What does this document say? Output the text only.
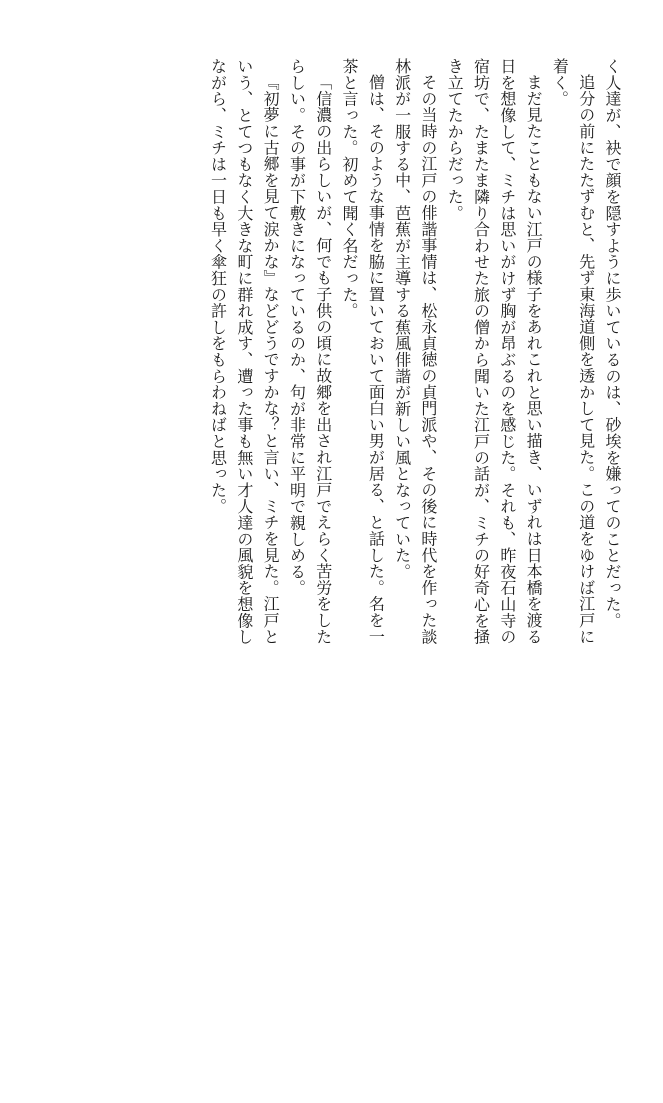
く人達が、袂で顔を隠すように歩いているのは、砂埃を嫌ってのことだった。

追分の前にたたずむと、先ず東海道側を透かして見た。この道をゆけば江戸に着く。

まだ見たこともない江戸の様子をあれこれと思い描き、いずれは日本橋を渡る日を想像して、ミチは思いがけず胸が昂ぶるのを感じた。それも、昨夜石山寺の宿坊で、たまたま隣り合わせた旅の僧から聞いた江戸の話が、ミチの好奇心を掻き立てたからだった。

その当時の江戸の俳諧事情は、松永貞徳の貞門派や、その後に時代を作った談林派が一服する中、芭蕉が主導する蕉風俳諧が新しい風となっていた。

僧は、そのような事情を脇に置いておいて面白い男が居る、と話した。名を一茶と言った。初めて聞く名だった。

「信濃の出らしいが、何でも子供の頃に故郷を出され江戸でえらく苦労をしたらしい。その事が下敷きになっているのか、句が非常に平明で親しめる。

『初夢に古郷を見て涙かな』などどうですかな？と言い、ミチを見た。江戸という、とてつもなく大きな町に群れ成す、遭った事も無い才人達の風貌を想像しながら、ミチは一日も早く傘狂の許しをもらわねばと思った。
